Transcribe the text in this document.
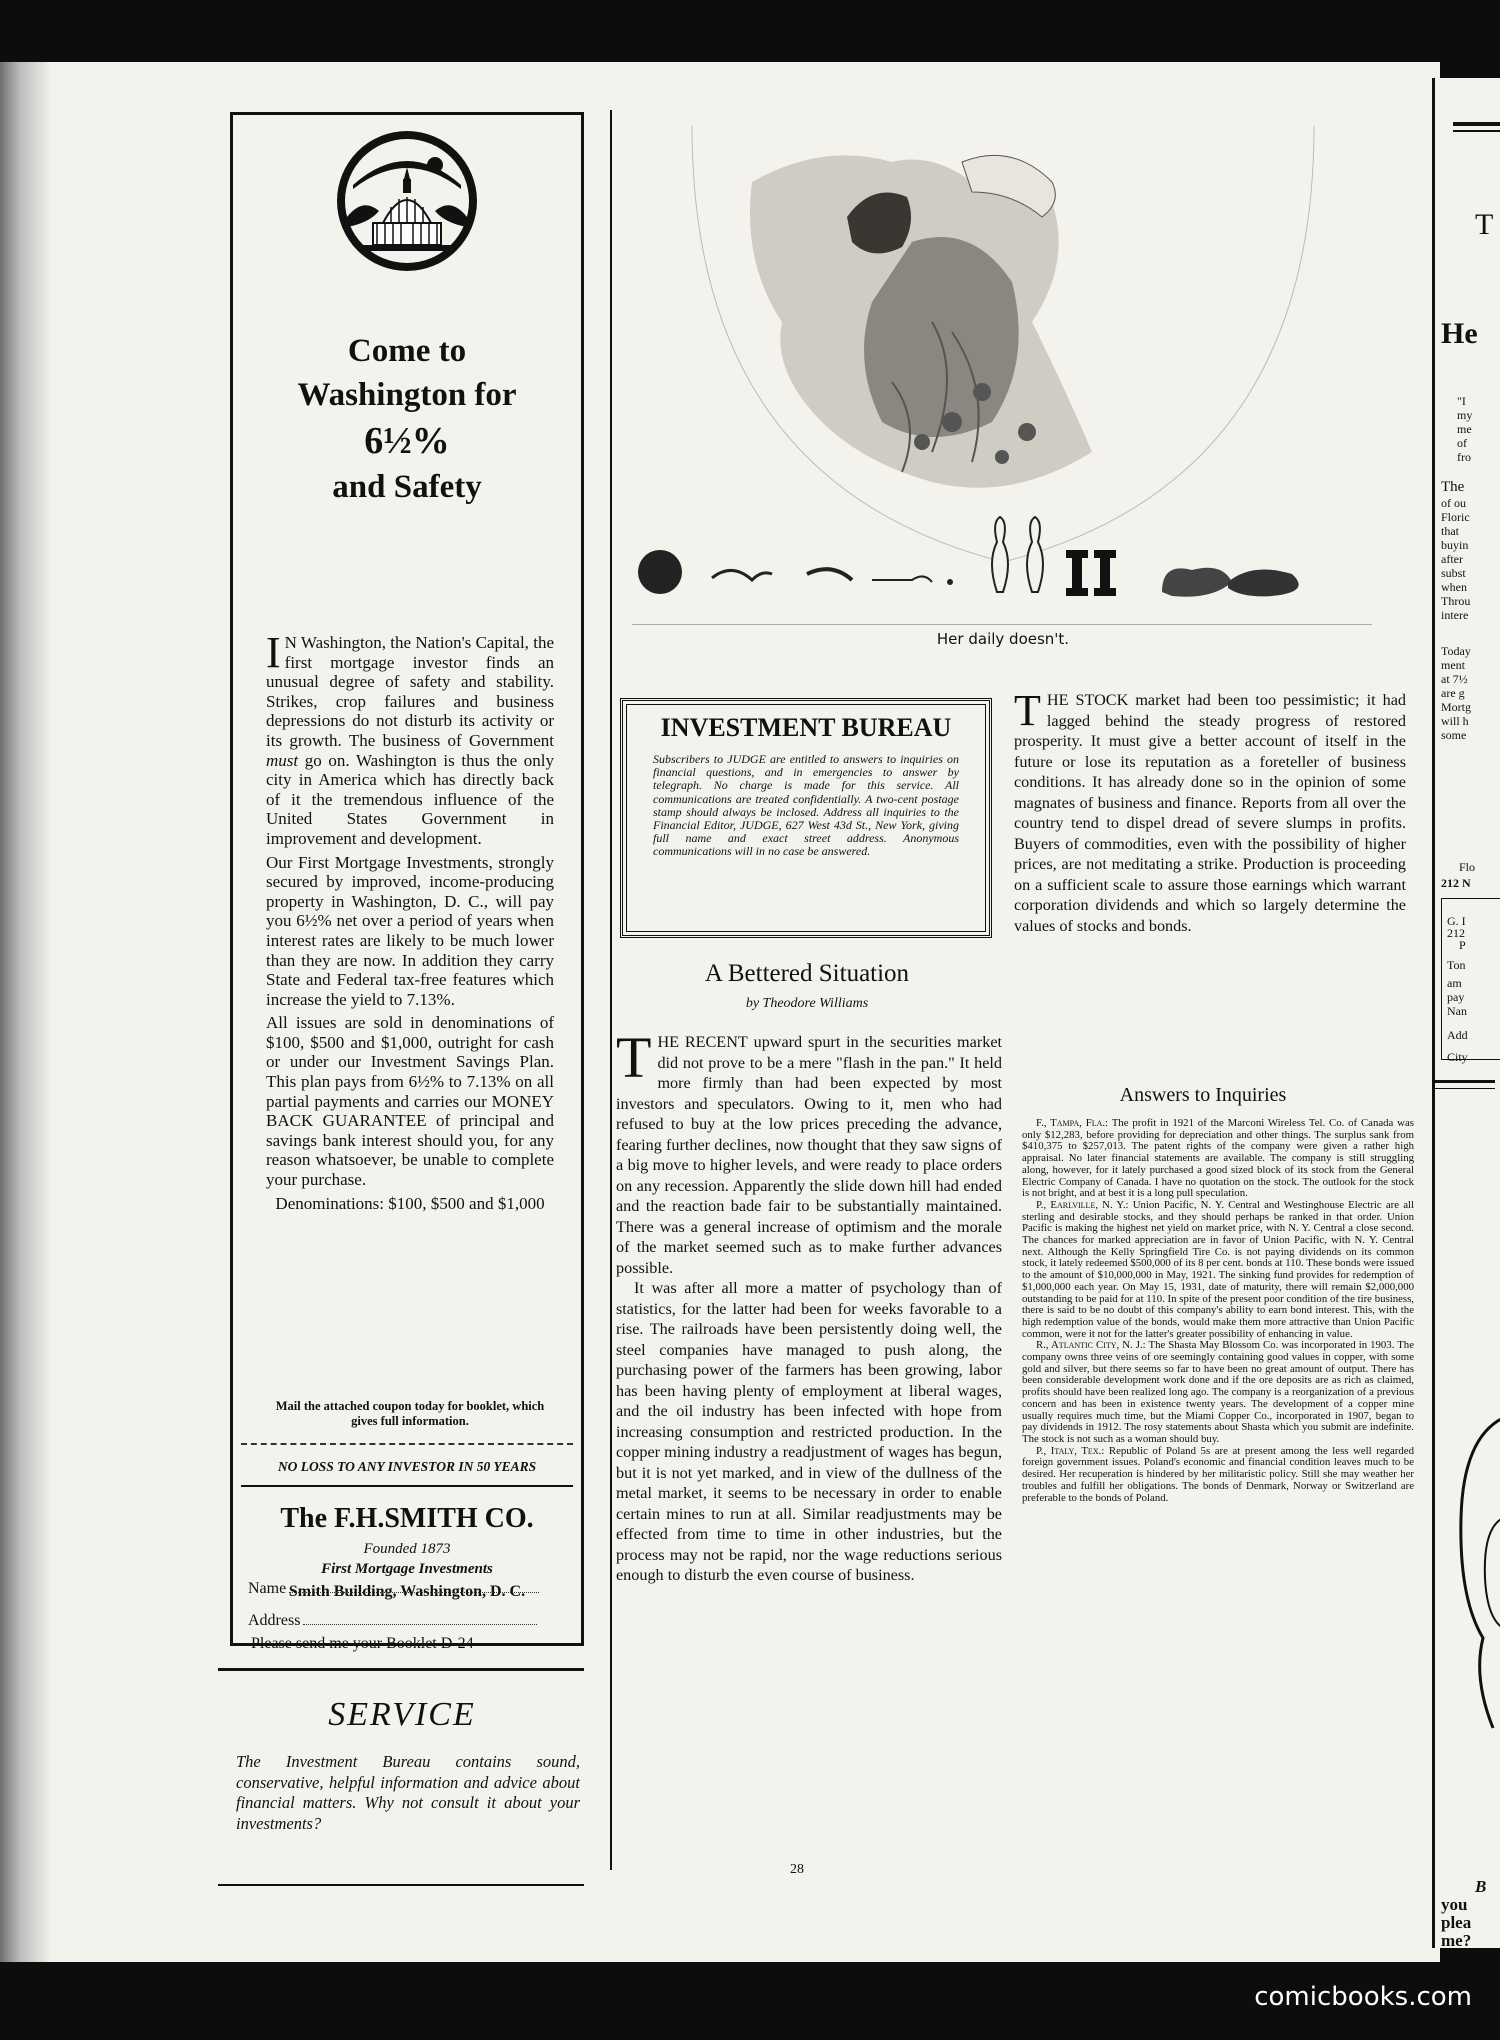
Come to
Washington for
6½%
and Safety

I N Washington, the Nation's Capital, the first mortgage investor finds an unusual degree of safety and stability. Strikes, crop failures and business depressions do not disturb its activity or its growth. The business of Government must go on. Washington is thus the only city in America which has directly back of it the tremendous influence of the United States Government in improvement and development.

Our First Mortgage Investments, strongly secured by improved, income-producing property in Washington, D. C., will pay you 6½% net over a period of years when interest rates are likely to be much lower than they are now. In addition they carry State and Federal tax-free features which increase the yield to 7.13%.

All issues are sold in denominations of $100, $500 and $1,000, outright for cash or under our Investment Savings Plan. This plan pays from 6½% to 7.13% on all partial payments and carries our MONEY BACK GUARANTEE of principal and savings bank interest should you, for any reason whatsoever, be unable to complete your purchase.

Denominations: $100, $500 and $1,000

Mail the attached coupon today for booklet, which gives full information.
NO LOSS TO ANY INVESTOR IN 50 YEARS
The F.H.SMITH CO.
Founded 1873
First Mortgage Investments
Smith Building, Washington, D. C.
Please send me your Booklet D-24
Name
Address
SERVICE
The Investment Bureau contains sound, conservative, helpful information and advice about financial matters. Why not consult it about your investments?
Her daily doesn't.
INVESTMENT BUREAU
Subscribers to JUDGE are entitled to answers to inquiries on financial questions, and in emergencies to answer by telegraph. No charge is made for this service. All communications are treated confidentially. A two-cent postage stamp should always be inclosed. Address all inquiries to the Financial Editor, JUDGE, 627 West 43d St., New York, giving full name and exact street address. Anonymous communications will in no case be answered.
A Bettered Situation
by Theodore Williams

THE RECENT upward spurt in the securities market did not prove to be a mere "flash in the pan." It held more firmly than had been expected by most investors and speculators. Owing to it, men who had refused to buy at the low prices preceding the advance, fearing further declines, now thought that they saw signs of a big move to higher levels, and were ready to place orders on any recession. Apparently the slide down hill had ended and the reaction bade fair to be substantially maintained. There was a general increase of optimism and the morale of the market seemed such as to make further advances possible.

It was after all more a matter of psychology than of statistics, for the latter had been for weeks favorable to a rise. The railroads have been persistently doing well, the steel companies have managed to push along, the purchasing power of the farmers has been growing, labor has been having plenty of employment at liberal wages, and the oil industry has been infected with hope from increasing consumption and restricted production. In the copper mining industry a readjustment of wages has begun, but it is not yet marked, and in view of the dullness of the metal market, it seems to be necessary in order to enable certain mines to run at all. Similar readjustments may be effected from time to time in other industries, but the process may not be rapid, nor the wage reductions serious enough to disturb the even course of business.

THE STOCK market had been too pessimistic; it had lagged behind the steady progress of restored prosperity. It must give a better account of itself in the future or lose its reputation as a foreteller of business conditions. It has already done so in the opinion of some magnates of business and finance. Reports from all over the country tend to dispel dread of severe slumps in profits. Buyers of commodities, even with the possibility of higher prices, are not meditating a strike. Production is proceeding on a sufficient scale to assure those earnings which warrant corporation dividends and which so largely determine the values of stocks and bonds.

Answers to Inquiries

F., Tampa, Fla.: The profit in 1921 of the Marconi Wireless Tel. Co. of Canada was only $12,283, before providing for depreciation and other things. The surplus sank from $410,375 to $257,013. The patent rights of the company were given a rather high appraisal. No later financial statements are available. The company is still struggling along, however, for it lately purchased a good sized block of its stock from the General Electric Company of Canada. I have no quotation on the stock. The outlook for the stock is not bright, and at best it is a long pull speculation.

P., Earlville, N. Y.: Union Pacific, N. Y. Central and Westinghouse Electric are all sterling and desirable stocks, and they should perhaps be ranked in that order. Union Pacific is making the highest net yield on market price, with N. Y. Central a close second. The chances for marked appreciation are in favor of Union Pacific, with N. Y. Central next. Although the Kelly Springfield Tire Co. is not paying dividends on its common stock, it lately redeemed $500,000 of its 8 per cent. bonds at 110. These bonds were issued to the amount of $10,000,000 in May, 1921. The sinking fund provides for redemption of $1,000,000 each year. On May 15, 1931, date of maturity, there will remain $2,000,000 outstanding to be paid for at 110. In spite of the present poor condition of the tire business, there is said to be no doubt of this company's ability to earn bond interest. This, with the high redemption value of the bonds, would make them more attractive than Union Pacific common, were it not for the latter's greater possibility of enhancing in value.

R., Atlantic City, N. J.: The Shasta May Blossom Co. was incorporated in 1903. The company owns three veins of ore seemingly containing good values in copper, with some gold and silver, but there seems so far to have been no great amount of output. There has been considerable development work done and if the ore deposits are as rich as claimed, profits should have been realized long ago. The company is a reorganization of a previous concern and has been in existence twenty years. The development of a copper mine usually requires much time, but the Miami Copper Co., incorporated in 1907, began to pay dividends in 1912. The rosy statements about Shasta which you submit are indefinite. The stock is not such as a woman should buy.

P., Italy, Tex.: Republic of Poland 5s are at present among the less well regarded foreign government issues. Poland's economic and financial condition leaves much to be desired. Her recuperation is hindered by her militaristic policy. Still she may weather her troubles and fulfill her obligations. The bonds of Denmark, Norway or Switzerland are preferable to the bonds of Poland.

28
T
He
"I
my
me
of
fro
The
of ou
Floric
that
buyin
after
subst
when
Throu
intere
Today
ment
at 7½
are g
Mortg
will h
some
Flo
212 N
G. I
212
P
Ton
am
pay
Nan
Add
City
B
you
plea
me?
comicbooks.com
